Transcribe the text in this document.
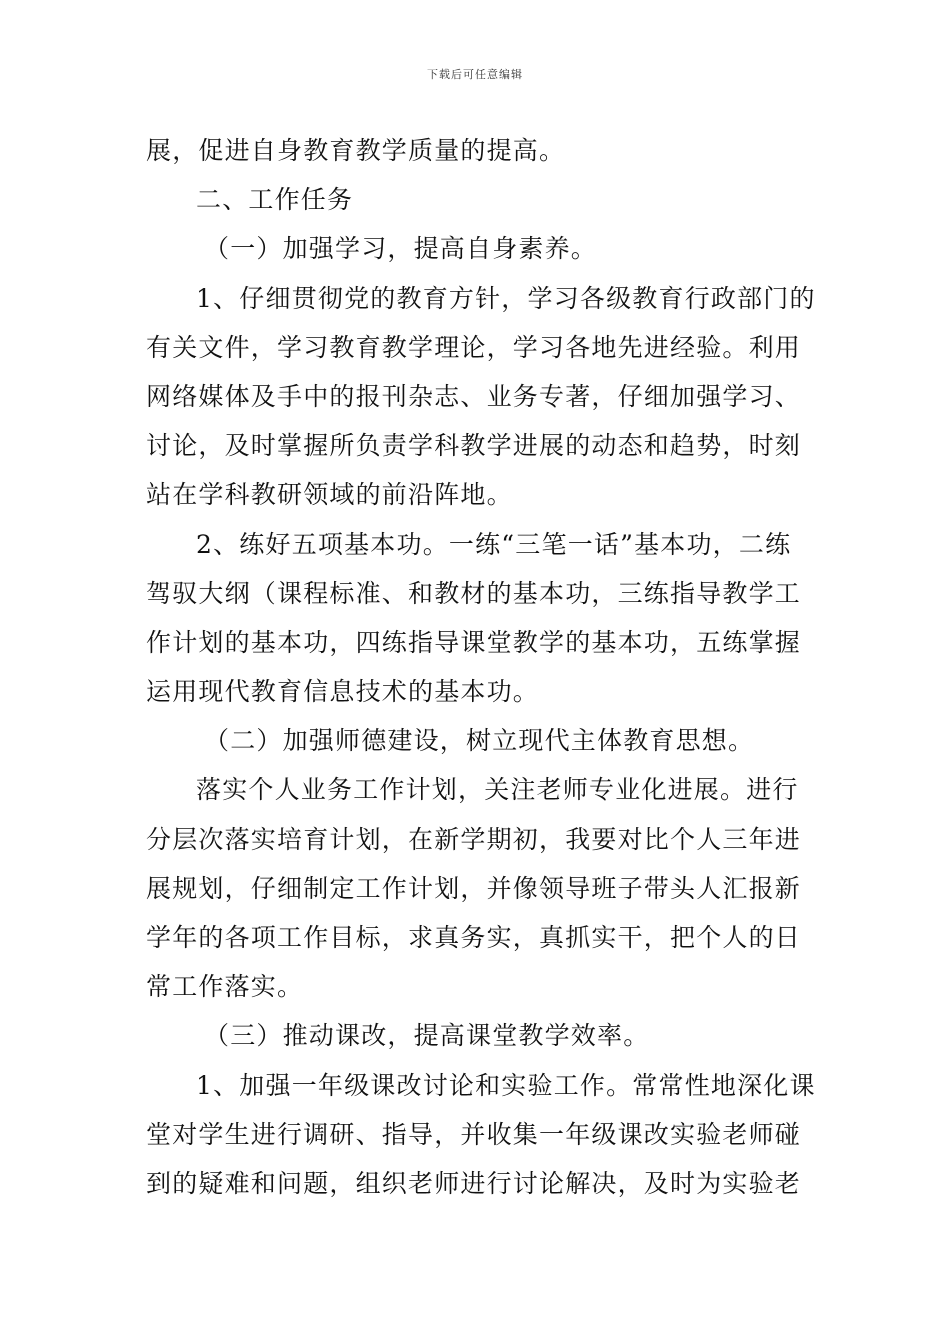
下载后可任意编辑
展，促进自身教育教学质量的提高。
二、工作任务
（一）加强学习，提高自身素养。
1、仔细贯彻党的教育方针，学习各级教育行政部门的
有关文件，学习教育教学理论，学习各地先进经验。利用
网络媒体及手中的报刊杂志、业务专著，仔细加强学习、
讨论，及时掌握所负责学科教学进展的动态和趋势，时刻
站在学科教研领域的前沿阵地。
2、练好五项基本功。一练“三笔一话”基本功，二练
驾驭大纲（课程标准、和教材的基本功，三练指导教学工
作计划的基本功，四练指导课堂教学的基本功，五练掌握
运用现代教育信息技术的基本功。
（二）加强师德建设，树立现代主体教育思想。
落实个人业务工作计划，关注老师专业化进展。进行
分层次落实培育计划，在新学期初，我要对比个人三年进
展规划，仔细制定工作计划，并像领导班子带头人汇报新
学年的各项工作目标，求真务实，真抓实干，把个人的日
常工作落实。
（三）推动课改，提高课堂教学效率。
1、加强一年级课改讨论和实验工作。常常性地深化课
堂对学生进行调研、指导，并收集一年级课改实验老师碰
到的疑难和问题，组织老师进行讨论解决，及时为实验老
